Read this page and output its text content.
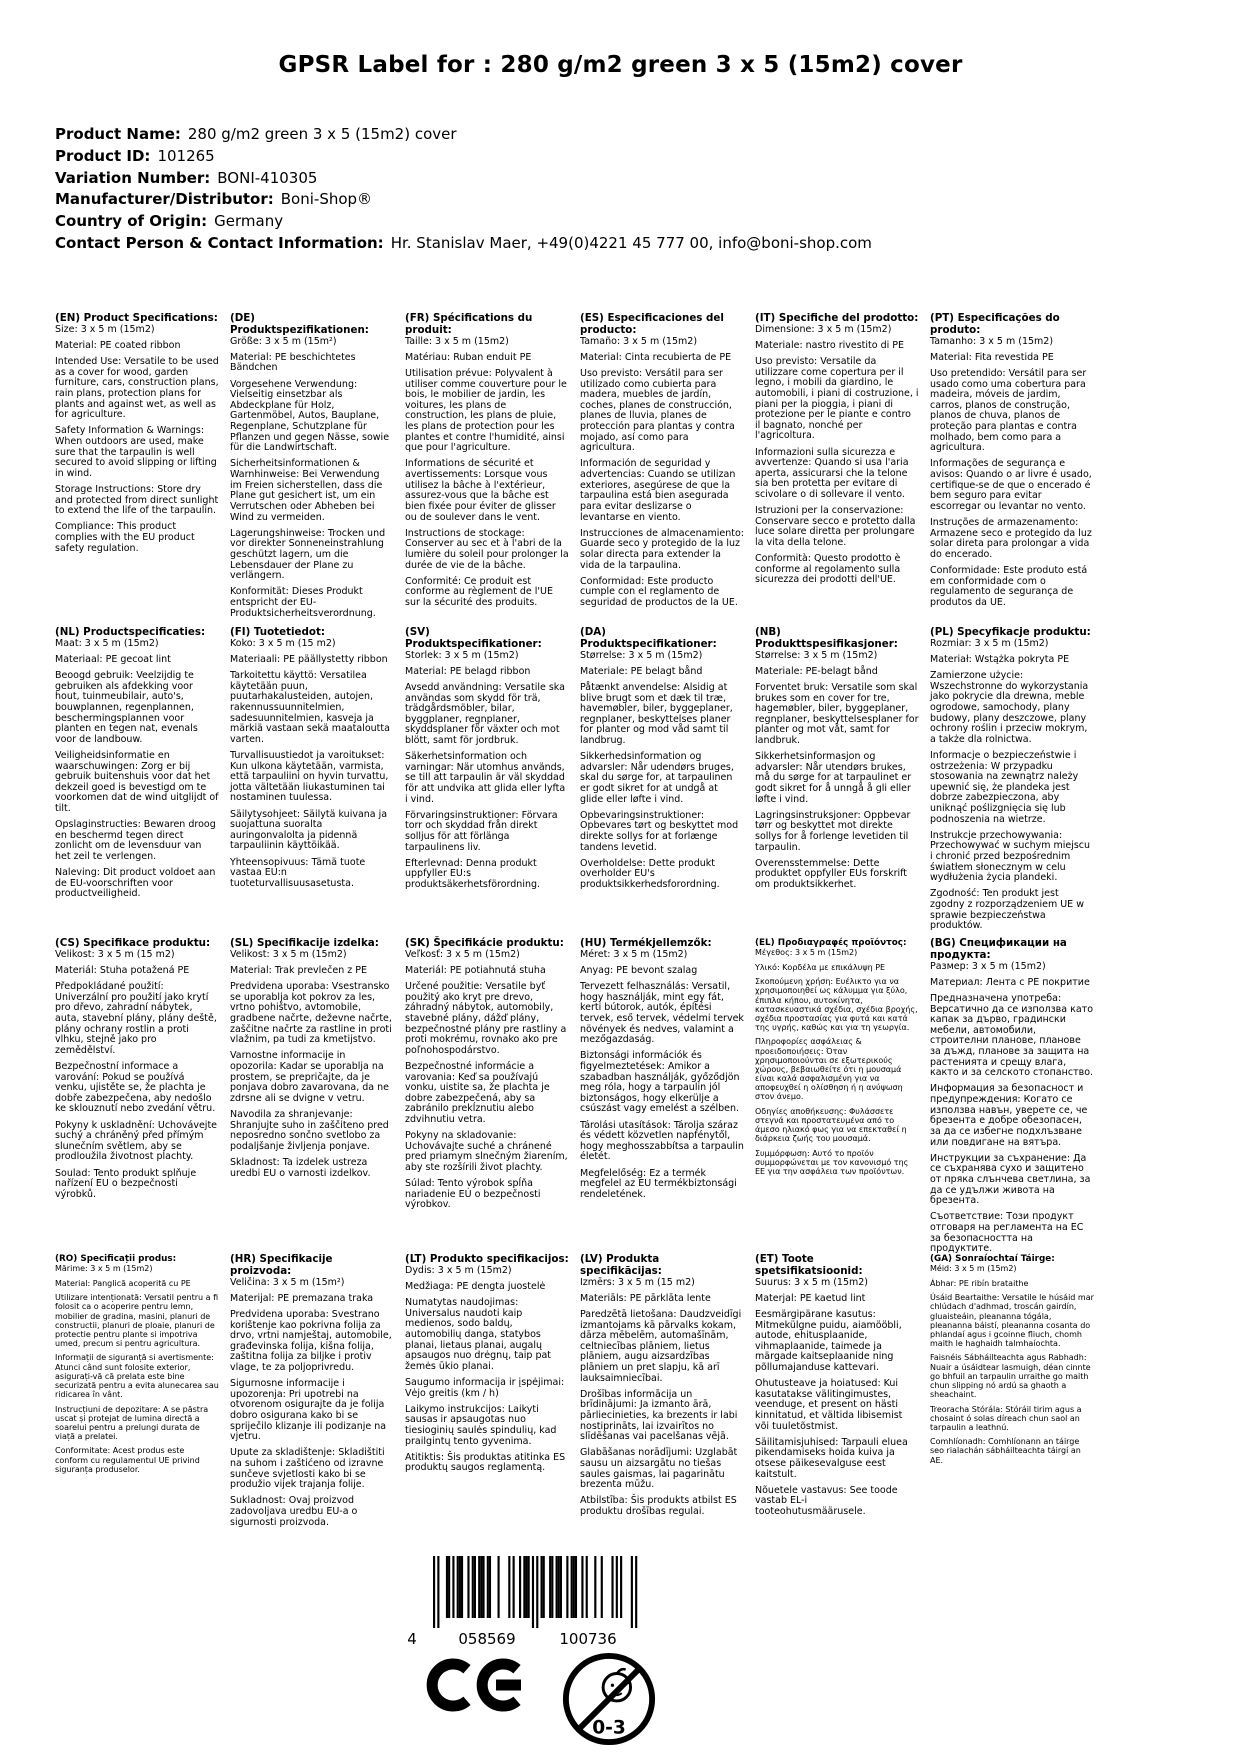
GPSR Label for : 280 g/m2 green 3 x 5 (15m2) cover
Product Name: 280 g/m2 green 3 x 5 (15m2) cover
Product ID: 101265
Variation Number: BONI-410305
Manufacturer/Distributor: Boni-Shop®
Country of Origin: Germany
Contact Person & Contact Information: Hr. Stanislav Maer, +49(0)4221 45 777 00, info@boni-shop.com
(EN) Product Specifications:

Size: 3 x 5 m (15m2)

Material: PE coated ribbon

Intended Use: Versatile to be used as a cover for wood, garden furniture, cars, construction plans, rain plans, protection plans for plants and against wet, as well as for agriculture.

Safety Information & Warnings: When outdoors are used, make sure that the tarpaulin is well secured to avoid slipping or lifting in wind.

Storage Instructions: Store dry and protected from direct sunlight to extend the life of the tarpaulin.

Compliance: This product complies with the EU product safety regulation.

(DE) Produktspezifikationen:

Größe: 3 x 5 m (15m²)

Material: PE beschichtetes Bändchen

Vorgesehene Verwendung: Vielseitig einsetzbar als Abdeckplane für Holz, Gartenmöbel, Autos, Bauplane, Regenplane, Schutzplane für Pflanzen und gegen Nässe, sowie für die Landwirtschaft.

Sicherheitsinformationen & Warnhinweise: Bei Verwendung im Freien sicherstellen, dass die Plane gut gesichert ist, um ein Verrutschen oder Abheben bei Wind zu vermeiden.

Lagerungshinweise: Trocken und vor direkter Sonneneinstrahlung geschützt lagern, um die Lebensdauer der Plane zu verlängern.

Konformität: Dieses Produkt entspricht der EU-Produktsicherheitsverordnung.

(FR) Spécifications du produit:

Taille: 3 x 5 m (15m2)

Matériau: Ruban enduit PE

Utilisation prévue: Polyvalent à utiliser comme couverture pour le bois, le mobilier de jardin, les voitures, les plans de construction, les plans de pluie, les plans de protection pour les plantes et contre l'humidité, ainsi que pour l'agriculture.

Informations de sécurité et avertissements: Lorsque vous utilisez la bâche à l'extérieur, assurez-vous que la bâche est bien fixée pour éviter de glisser ou de soulever dans le vent.

Instructions de stockage: Conserver au sec et à l'abri de la lumière du soleil pour prolonger la durée de vie de la bâche.

Conformité: Ce produit est conforme au règlement de l'UE sur la sécurité des produits.

(ES) Especificaciones del producto:

Tamaño: 3 x 5 m (15m2)

Material: Cinta recubierta de PE

Uso previsto: Versátil para ser utilizado como cubierta para madera, muebles de jardín, coches, planes de construcción, planes de lluvia, planes de protección para plantas y contra mojado, así como para agricultura.

Información de seguridad y advertencias: Cuando se utilizan exteriores, asegúrese de que la tarpaulina está bien asegurada para evitar deslizarse o levantarse en viento.

Instrucciones de almacenamiento: Guarde seco y protegido de la luz solar directa para extender la vida de la tarpaulina.

Conformidad: Este producto cumple con el reglamento de seguridad de productos de la UE.

(IT) Specifiche del prodotto:

Dimensione: 3 x 5 m (15m2)

Materiale: nastro rivestito di PE

Uso previsto: Versatile da utilizzare come copertura per il legno, i mobili da giardino, le automobili, i piani di costruzione, i piani per la pioggia, i piani di protezione per le piante e contro il bagnato, nonché per l'agricoltura.

Informazioni sulla sicurezza e avvertenze: Quando si usa l'aria aperta, assicurarsi che la telone sia ben protetta per evitare di scivolare o di sollevare il vento.

Istruzioni per la conservazione: Conservare secco e protetto dalla luce solare diretta per prolungare la vita della telone.

Conformità: Questo prodotto è conforme al regolamento sulla sicurezza dei prodotti dell'UE.

(PT) Especificações do produto:

Tamanho: 3 x 5 m (15m2)

Material: Fita revestida PE

Uso pretendido: Versátil para ser usado como uma cobertura para madeira, móveis de jardim, carros, planos de construção, planos de chuva, planos de proteção para plantas e contra molhado, bem como para a agricultura.

Informações de segurança e avisos: Quando o ar livre é usado, certifique-se de que o encerado é bem seguro para evitar escorregar ou levantar no vento.

Instruções de armazenamento: Armazene seco e protegido da luz solar direta para prolongar a vida do encerado.

Conformidade: Este produto está em conformidade com o regulamento de segurança de produtos da UE.

(NL) Productspecificaties:

Maat: 3 x 5 m (15m2)

Materiaal: PE gecoat lint

Beoogd gebruik: Veelzijdig te gebruiken als afdekking voor hout, tuinmeubilair, auto's, bouwplannen, regenplannen, beschermingsplannen voor planten en tegen nat, evenals voor de landbouw.

Veiligheidsinformatie en waarschuwingen: Zorg er bij gebruik buitenshuis voor dat het dekzeil goed is bevestigd om te voorkomen dat de wind uitglijdt of tilt.

Opslaginstructies: Bewaren droog en beschermd tegen direct zonlicht om de levensduur van het zeil te verlengen.

Naleving: Dit product voldoet aan de EU-voorschriften voor productveiligheid.

(FI) Tuotetiedot:

Koko: 3 x 5 m (15 m2)

Materiaali: PE päällystetty ribbon

Tarkoitettu käyttö: Versatilea käytetään puun, puutarhakalusteiden, autojen, rakennussuunnitelmien, sadesuunnitelmien, kasveja ja märkiä vastaan sekä maataloutta varten.

Turvallisuustiedot ja varoitukset: Kun ulkona käytetään, varmista, että tarpauliini on hyvin turvattu, jotta vältetään liukastuminen tai nostaminen tuulessa.

Säilytysohjeet: Säilytä kuivana ja suojattuna suoralta auringonvalolta ja pidennä tarpauliinin käyttöikää.

Yhteensopivuus: Tämä tuote vastaa EU:n tuoteturvallisuusasetusta.

(SV) Produktspecifikationer:

Storlek: 3 x 5 m (15m2)

Material: PE belagd ribbon

Avsedd användning: Versatile ska användas som skydd för trä, trädgårdsmöbler, bilar, byggplaner, regnplaner, skyddsplaner för växter och mot blött, samt för jordbruk.

Säkerhetsinformation och varningar: När utomhus används, se till att tarpaulin är väl skyddad för att undvika att glida eller lyfta i vind.

Förvaringsinstruktioner: Förvara torr och skyddad från direkt solljus för att förlänga tarpaulinens liv.

Efterlevnad: Denna produkt uppfyller EU:s produktsäkerhetsförordning.

(DA) Produktspecifikationer:

Størrelse: 3 x 5 m (15m2)

Materiale: PE belagt bånd

Påtænkt anvendelse: Alsidig at blive brugt som et dæk til træ, havemøbler, biler, byggeplaner, regnplaner, beskyttelses planer for planter og mod våd samt til landbrug.

Sikkerhedsinformation og advarsler: Når udendørs bruges, skal du sørge for, at tarpaulinen er godt sikret for at undgå at glide eller løfte i vind.

Opbevaringsinstruktioner: Opbevares tørt og beskyttet mod direkte sollys for at forlænge tandens levetid.

Overholdelse: Dette produkt overholder EU's produktsikkerhedsforordning.

(NB) Produkttspesifikasjoner:

Størrelse: 3 x 5 m (15m2)

Materiale: PE-belagt bånd

Forventet bruk: Versatile som skal brukes som en cover for tre, hagemøbler, biler, byggeplaner, regnplaner, beskyttelsesplaner for planter og mot våt, samt for landbruk.

Sikkerhetsinformasjon og advarsler: Når utendørs brukes, må du sørge for at tarpaulinet er godt sikret for å unngå å gli eller løfte i vind.

Lagringsinstruksjoner: Oppbevar tørr og beskyttet mot direkte sollys for å forlenge levetiden til tarpaulin.

Overensstemmelse: Dette produktet oppfyller EUs forskrift om produktsikkerhet.

(PL) Specyfikacje produktu:

Rozmiar: 3 x 5 m (15m2)

Materiał: Wstążka pokryta PE

Zamierzone użycie: Wszechstronne do wykorzystania jako pokrycie dla drewna, meble ogrodowe, samochody, plany budowy, plany deszczowe, plany ochrony roślin i przeciw mokrym, a także dla rolnictwa.

Informacje o bezpieczeństwie i ostrzeżenia: W przypadku stosowania na zewnątrz należy upewnić się, że plandeka jest dobrze zabezpieczona, aby uniknąć poślizgnięcia się lub podnoszenia na wietrze.

Instrukcje przechowywania: Przechowywać w suchym miejscu i chronić przed bezpośrednim światłem słonecznym w celu wydłużenia życia plandeki.

Zgodność: Ten produkt jest zgodny z rozporządzeniem UE w sprawie bezpieczeństwa produktów.

(CS) Specifikace produktu:

Velikost: 3 x 5 m (15 m2)

Materiál: Stuha potažená PE

Předpokládané použití: Univerzální pro použití jako krytí pro dřevo, zahradní nábytek, auta, stavební plány, plány deště, plány ochrany rostlin a proti vlhku, stejně jako pro zemědělství.

Bezpečnostní informace a varování: Pokud se používá venku, ujistěte se, že plachta je dobře zabezpečena, aby nedošlo ke sklouznutí nebo zvedání větru.

Pokyny k uskladnění: Uchovávejte suchý a chráněný před přímým slunečním světlem, aby se prodloužila životnost plachty.

Soulad: Tento produkt splňuje nařízení EU o bezpečnosti výrobků.

(SL) Specifikacije izdelka:

Velikost: 3 x 5 m (15m2)

Material: Trak prevlečen z PE

Predvidena uporaba: Vsestransko se uporablja kot pokrov za les, vrtno pohištvo, avtomobile, gradbene načrte, deževne načrte, zaščitne načrte za rastline in proti vlažnim, pa tudi za kmetijstvo.

Varnostne informacije in opozorila: Kadar se uporablja na prostem, se prepričajte, da je ponjava dobro zavarovana, da ne zdrsne ali se dvigne v vetru.

Navodila za shranjevanje: Shranjujte suho in zaščiteno pred neposredno sončno svetlobo za podaljšanje življenja ponjave.

Skladnost: Ta izdelek ustreza uredbi EU o varnosti izdelkov.

(SK) Špecifikácie produktu:

Veľkosť: 3 x 5 m (15m2)

Materiál: PE potiahnutá stuha

Určené použitie: Versatile byť použitý ako kryt pre drevo, záhradný nábytok, automobily, stavebné plány, dážď plány, bezpečnostné plány pre rastliny a proti mokrému, rovnako ako pre poľnohospodárstvo.

Bezpečnostné informácie a varovania: Keď sa používajú vonku, uistite sa, že plachta je dobre zabezpečená, aby sa zabránilo prekĺznutiu alebo zdvihnutiu vetra.

Pokyny na skladovanie: Uchovávajte suché a chránené pred priamym slnečným žiarením, aby ste rozšírili život plachty.

Súlad: Tento výrobok spĺňa nariadenie EÚ o bezpečnosti výrobkov.

(HU) Termékjellemzők:

Méret: 3 x 5 m (15m2)

Anyag: PE bevont szalag

Tervezett felhasználás: Versatil, hogy használják, mint egy fát, kerti bútorok, autók, építési tervek, eső tervek, védelmi tervek növények és nedves, valamint a mezőgazdaság.

Biztonsági információk és figyelmeztetések: Amikor a szabadban használják, győződjön meg róla, hogy a tarpaulin jól biztonságos, hogy elkerülje a csúszást vagy emelést a szélben.

Tárolási utasítások: Tárolja száraz és védett közvetlen napfénytől, hogy meghosszabbítsa a tarpaulin életét.

Megfelelőség: Ez a termék megfelel az EU termékbiztonsági rendeletének.

(EL) Προδιαγραφές προϊόντος:

Μέγεθος: 3 x 5 m (15m2)

Υλικό: Κορδέλα με επικάλυψη PE

Σκοπούμενη χρήση: Ευέλικτο για να χρησιμοποιηθεί ως κάλυμμα για ξύλο, έπιπλα κήπου, αυτοκίνητα, κατασκευαστικά σχέδια, σχέδια βροχής, σχέδια προστασίας για φυτά και κατά της υγρής, καθώς και για τη γεωργία.

Πληροφορίες ασφάλειας & προειδοποιήσεις: Όταν χρησιμοποιούνται σε εξωτερικούς χώρους, βεβαιωθείτε ότι η μουσαμά είναι καλά ασφαλισμένη για να αποφευχθεί η ολίσθηση ή η ανύψωση στον άνεμο.

Οδηγίες αποθήκευσης: Φυλάσσετε στεγνά και προστατευμένα από το άμεσο ηλιακό φως για να επεκταθεί η διάρκεια ζωής του μουσαμά.

Συμμόρφωση: Αυτό το προϊόν συμμορφώνεται με τον κανονισμό της ΕΕ για την ασφάλεια των προϊόντων.

(BG) Спецификации на продукта:

Размер: 3 x 5 m (15m2)

Материал: Лента с PE покритие

Предназначена употреба: Версатично да се използва като капак за дърво, градински мебели, автомобили, строителни планове, планове за дъжд, планове за защита на растенията и срещу влага, както и за селското стопанство.

Информация за безопасност и предупреждения: Когато се използва навън, уверете се, че брезента е добре обезопасен, за да се избегне подхлъзване или повдигане на вятъра.

Инструкции за съхранение: Да се съхранява сухо и защитено от пряка слънчева светлина, за да се удължи живота на брезента.

Съответствие: Този продукт отговаря на регламента на ЕС за безопасността на продуктите.

(RO) Specificații produs:

Mărime: 3 x 5 m (15m2)

Material: Panglică acoperită cu PE

Utilizare intenționată: Versatil pentru a fi folosit ca o acoperire pentru lemn, mobilier de gradina, masini, planuri de constructii, planuri de ploaie, planuri de protectie pentru plante si impotriva umed, precum si pentru agricultura.

Informații de siguranță si avertismente: Atunci când sunt folosite exterior, asigurați-vă că prelata este bine securizată pentru a evita alunecarea sau ridicarea în vânt.

Instrucțiuni de depozitare: A se păstra uscat și protejat de lumina directă a soarelui pentru a prelungi durata de viață a prelatei.

Conformitate: Acest produs este conform cu regulamentul UE privind siguranța produselor.

(HR) Specifikacije proizvoda:

Veličina: 3 x 5 m (15m²)

Materijal: PE premazana traka

Predvidena uporaba: Svestrano korištenje kao pokrivna folija za drvo, vrtni namještaj, automobile, građevinska folija, kišna folija, zaštitna folija za biljke i protiv vlage, te za poljoprivredu.

Sigurnosne informacije i upozorenja: Pri upotrebi na otvorenom osigurajte da je folija dobro osigurana kako bi se spriječilo klizanje ili podizanje na vjetru.

Upute za skladištenje: Skladištiti na suhom i zaštićeno od izravne sunčeve svjetlosti kako bi se produžio vijek trajanja folije.

Sukladnost: Ovaj proizvod zadovoljava uredbu EU-a o sigurnosti proizvoda.

(LT) Produkto specifikacijos:

Dydis: 3 x 5 m (15m2)

Medžiaga: PE dengta juostelė

Numatytas naudojimas: Universalus naudoti kaip medienos, sodo baldų, automobilių danga, statybos planai, lietaus planai, augalų apsaugos nuo drėgnų, taip pat žemės ūkio planai.

Saugumo informacija ir įspėjimai: Vėjo greitis (km / h)

Laikymo instrukcijos: Laikyti sausas ir apsaugotas nuo tiesioginių saulės spindulių, kad prailgintų tento gyvenima.

Atitiktis: Šis produktas atitinka ES produktų saugos reglamentą.

(LV) Produkta specifikācijas:

Izmērs: 3 x 5 m (15 m2)

Materiāls: PE pārklāta lente

Paredzētā lietošana: Daudzveidīgi izmantojams kā pārvalks kokam, dārza mēbelēm, automašīnām, celtniecības plāniem, lietus plāniem, augu aizsardzības plāniem un pret slapju, kā arī lauksaimniecībai.

Drošības informācija un brīdinājumi: Ja izmanto ārā, pārliecinieties, ka brezents ir labi nostiprināts, lai izvairītos no slīdēšanas vai pacelšanas vējā.

Glabāšanas norādījumi: Uzglabāt sausu un aizsargātu no tiešas saules gaismas, lai pagarinātu brezenta mūžu.

Atbilstība: Šis produkts atbilst ES produktu drošības regulai.

(ET) Toote spetsifikatsioonid:

Suurus: 3 x 5 m (15m2)

Materjal: PE kaetud lint

Eesmärgipärane kasutus: Mitmekülgne puidu, aiamööbli, autode, ehitusplaanide, vihmaplaanide, taimede ja märgade kaitseplaanide ning põllumajanduse kattevari.

Ohutusteave ja hoiatused: Kui kasutatakse välitingimustes, veenduge, et present on hästi kinnitatud, et vältida libisemist või tuuletõstmist.

Säilitamisjuhised: Tarpauli eluea pikendamiseks hoida kuiva ja otsese päikesevalguse eest kaitstult.

Nõuetele vastavus: See toode vastab EL-i tooteohutusmäärusele.

(GA) Sonraíochtaí Táirge:

Méid: 3 x 5 m (15m2)

Ábhar: PE ribín brataithe

Úsáid Beartaithe: Versatile le húsáid mar chlúdach d'adhmad, troscán gairdín, gluaisteáin, pleananna tógála, pleananna báistí, pleananna cosanta do phlandaí agus i gcoinne fliuch, chomh maith le haghaidh talmhaíochta.

Faisnéis Sábháilteachta agus Rabhadh: Nuair a úsáidtear lasmuigh, déan cinnte go bhfuil an tarpaulin urraithe go maith chun slipping nó ardú sa ghaoth a sheachaint.

Treoracha Stórála: Stóráil tirim agus a chosaint ó solas díreach chun saol an tarpaulin a leathnú.

Comhlíonadh: Comhlíonann an táirge seo rialachán sábháilteachta táirgí an AE.

4	058569	100736
0-3
